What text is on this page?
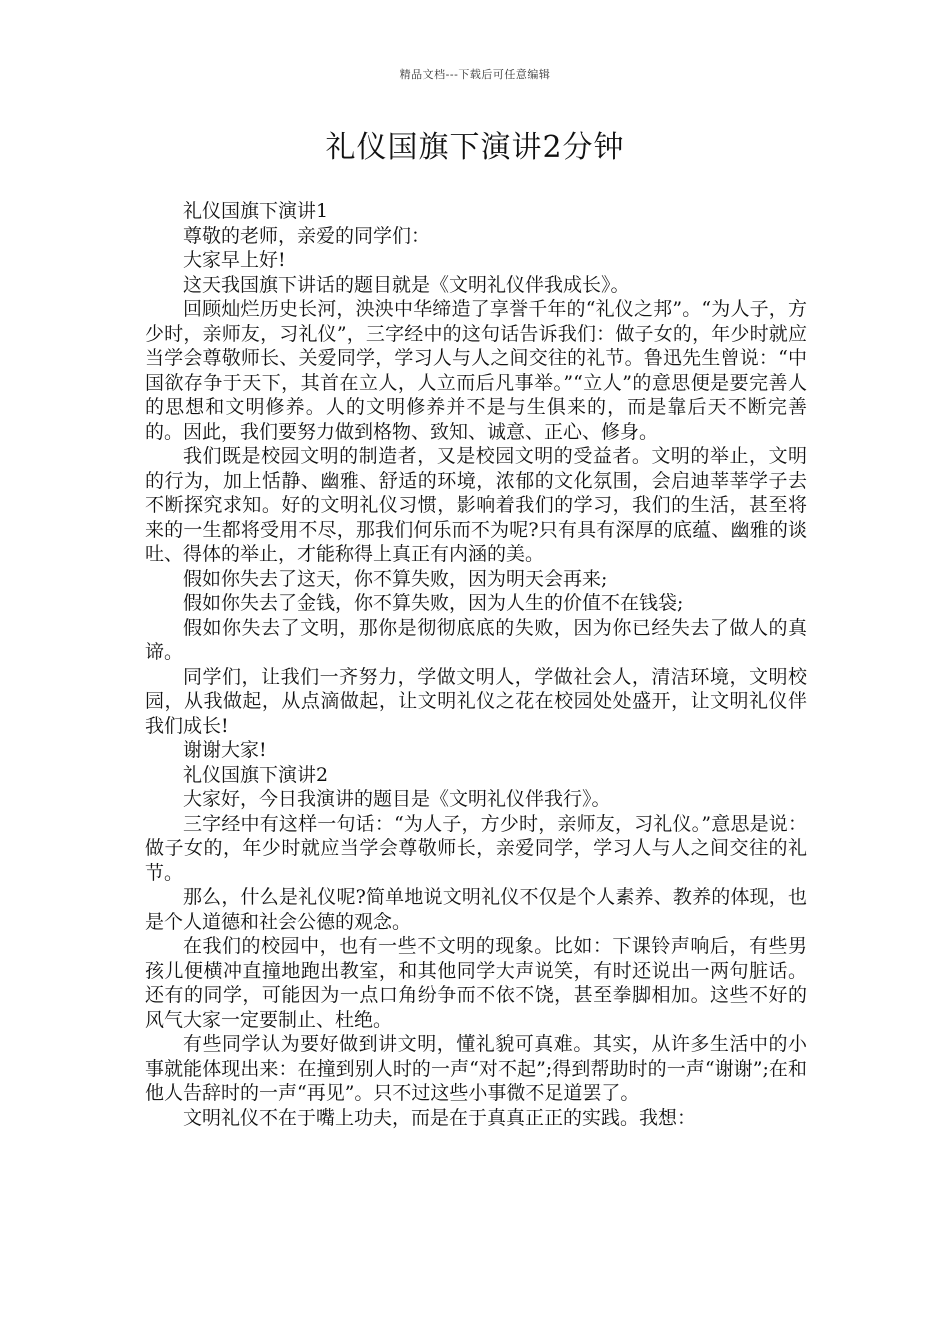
精品文档---下载后可任意编辑
礼仪国旗下演讲2分钟

礼仪国旗下演讲1

尊敬的老师，亲爱的同学们：

大家早上好!

这天我国旗下讲话的题目就是《文明礼仪伴我成长》。

回顾灿烂历史长河，泱泱中华缔造了享誉千年的“礼仪之邦”。“为人子，方少时，亲师友，习礼仪”，三字经中的这句话告诉我们：做子女的，年少时就应当学会尊敬师长、关爱同学，学习人与人之间交往的礼节。鲁迅先生曾说：“中国欲存争于天下，其首在立人，人立而后凡事举。”“立人”的意思便是要完善人的思想和文明修养。人的文明修养并不是与生俱来的，而是靠后天不断完善的。因此，我们要努力做到格物、致知、诚意、正心、修身。

我们既是校园文明的制造者，又是校园文明的受益者。文明的举止，文明的行为，加上恬静、幽雅、舒适的环境，浓郁的文化氛围，会启迪莘莘学子去不断探究求知。好的文明礼仪习惯，影响着我们的学习，我们的生活，甚至将来的一生都将受用不尽，那我们何乐而不为呢?只有具有深厚的底蕴、幽雅的谈吐、得体的举止，才能称得上真正有内涵的美。

假如你失去了这天，你不算失败，因为明天会再来;

假如你失去了金钱，你不算失败，因为人生的价值不在钱袋;

假如你失去了文明，那你是彻彻底底的失败，因为你已经失去了做人的真谛。

同学们，让我们一齐努力，学做文明人，学做社会人，清洁环境，文明校园，从我做起，从点滴做起，让文明礼仪之花在校园处处盛开，让文明礼仪伴我们成长!

谢谢大家!

礼仪国旗下演讲2

大家好，今日我演讲的题目是《文明礼仪伴我行》。

三字经中有这样一句话：“为人子，方少时，亲师友，习礼仪。”意思是说：做子女的，年少时就应当学会尊敬师长，亲爱同学，学习人与人之间交往的礼节。

那么，什么是礼仪呢?简单地说文明礼仪不仅是个人素养、教养的体现，也是个人道德和社会公德的观念。

在我们的校园中，也有一些不文明的现象。比如：下课铃声响后，有些男孩儿便横冲直撞地跑出教室，和其他同学大声说笑，有时还说出一两句脏话。还有的同学，可能因为一点口角纷争而不依不饶，甚至拳脚相加。这些不好的风气大家一定要制止、杜绝。

有些同学认为要好做到讲文明，懂礼貌可真难。其实，从许多生活中的小事就能体现出来：在撞到别人时的一声“对不起”;得到帮助时的一声“谢谢”;在和他人告辞时的一声“再见”。只不过这些小事微不足道罢了。

文明礼仪不在于嘴上功夫，而是在于真真正正的实践。我想：
